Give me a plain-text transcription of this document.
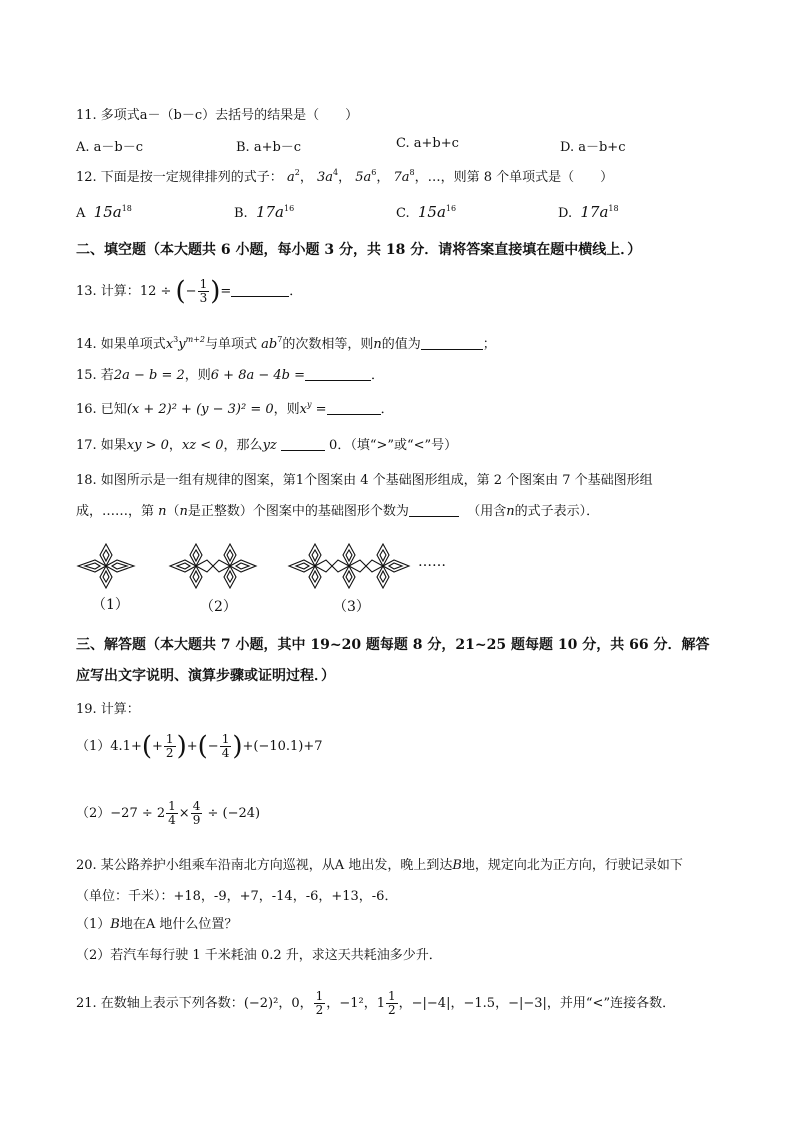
11. 多项式a－（b－c）去括号的结果是（　　）
A. a－b－c	B. a+b－c	C. a+b+c	D. a－b+c
12. 下面是按一定规律排列的式子： $a^2$， $3a^4$， $5a^6$， $7a^8$，…，则第 8 个单项式是（　　）
A $15a^{18}$	B. $17a^{16}$	C. $15a^{16}$	D. $17a^{18}$
二、填空题（本大题共 6 小题，每小题 3 分，共 18 分．请将答案直接填在题中横线上．）
13. 计算：12 ÷ (− $\frac{1}{3}$ )=	．
14. 如果单项式$x^3y^{m+2}$与单项式 $ab^7$的次数相等，则n的值为	；
15. 若2a − b = 2，则6 + 8a − 4b =	．
16. 已知(x + 2)² + (y − 3)² = 0，则$x^y$ =	．
17. 如果xy > 0，xz < 0，那么yz	0．（填“>”或“<”号）
18. 如图所示是一组有规律的图案，第1个图案由 4 个基础图形组成，第 2 个图案由 7 个基础图形组
成，……，第 n（n是正整数）个图案中的基础图形个数为	（用含n的式子表示）．
（1）	（2）	（3）
……
三、解答题（本大题共 7 小题，其中 19~20 题每题 8 分，21~25 题每题 10 分，共 66 分．解答
应写出文字说明、演算步骤或证明过程．）
19. 计算：
$(1)4.1+(+ \frac{1}{2}$ )+(− $\frac{1}{4} )+(-10.1)+7$
$(2)-27 \div 2 \frac{1}{4} \times \frac{4}{9} \div (-24)$
20. 某公路养护小组乘车沿南北方向巡视，从A 地出发，晚上到达B地，规定向北为正方向，行驶记录如下
（单位：千米）：+18，-9，+7，-14，-6，+13，-6．
（1）B地在A 地什么位置？
（2）若汽车每行驶 1 千米耗油 0.2 升，求这天共耗油多少升．
21. 在数轴上表示下列各数：(−2)²，0， $\frac{1}{2}$ ，−1²， $1 \frac{1}{2}$ ，−|−4|，−1.5，−|−3|，并用“<”连接各数．
